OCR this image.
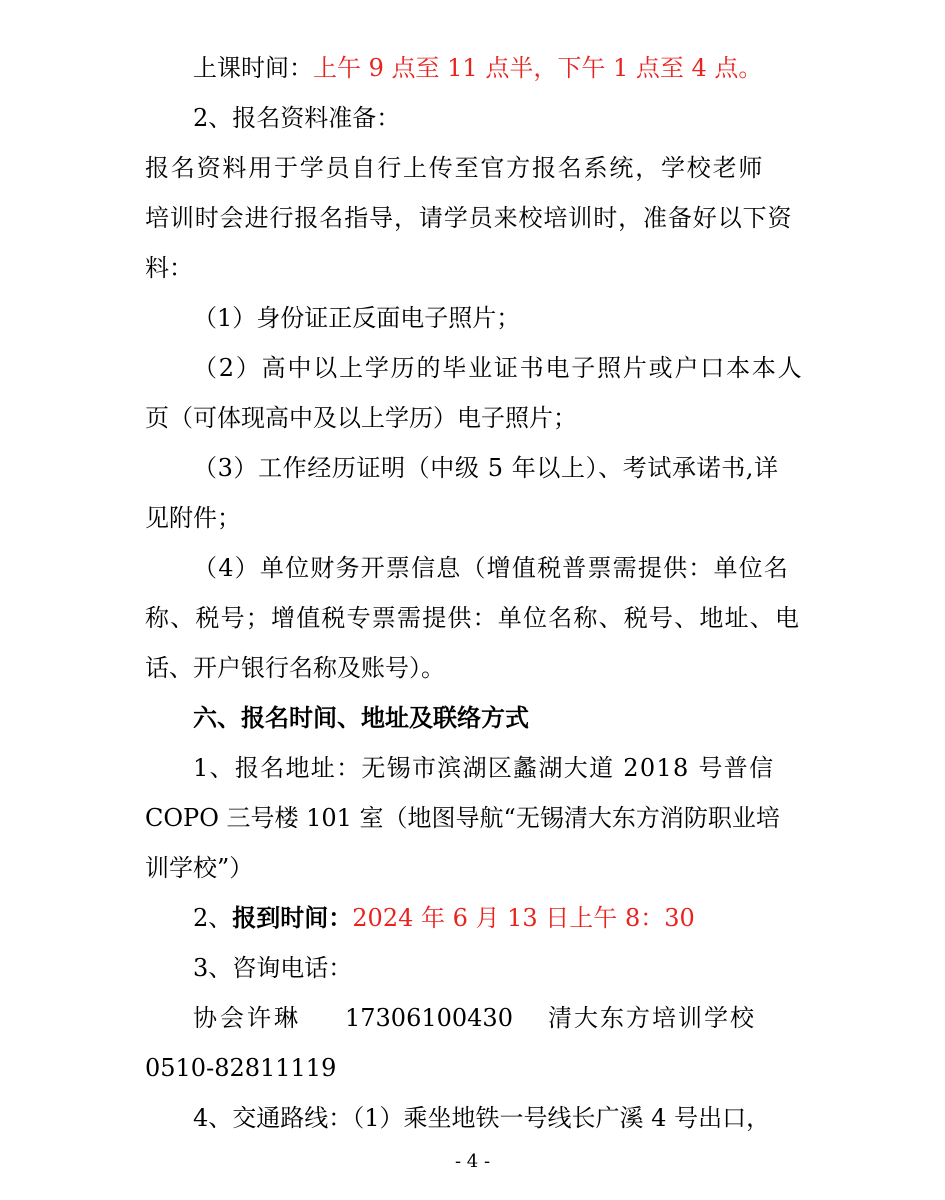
上课时间：上午 9 点至 11 点半，下午 1 点至 4 点。
2、报名资料准备：
报名资料用于学员自行上传至官方报名系统，学校老师
培训时会进行报名指导，请学员来校培训时，准备好以下资
料：
（1）身份证正反面电子照片；
（2）高中以上学历的毕业证书电子照片或户口本本人
页（可体现高中及以上学历）电子照片；
（3）工作经历证明（中级 5 年以上）、考试承诺书,详
见附件；
（4）单位财务开票信息（增值税普票需提供：单位名
称、税号；增值税专票需提供：单位名称、税号、地址、电
话、开户银行名称及账号）。
六、报名时间、地址及联络方式
1、报名地址：无锡市滨湖区蠡湖大道 2018 号普信
COPO 三号楼 101 室（地图导航“无锡清大东方消防职业培
训学校”）
2、报到时间：2024 年 6 月 13 日上午 8：30
3、咨询电话：
协会许琳	17306100430	清大东方培训学校
0510-82811119
4、交通路线：（1）乘坐地铁一号线长广溪 4 号出口，
- 4 -
